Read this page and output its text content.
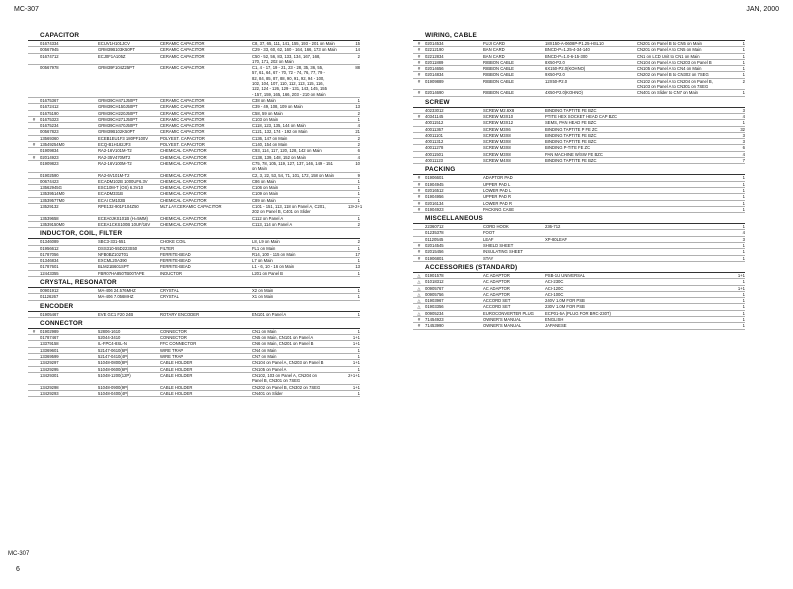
MC-307	JAN, 2000
CAPACITOR
01674334	ECUV1H101JCV	CERAMIC CAPACITOR	C8, 37, 65, 111, 141, 155, 193 - 201 on Main	15
00567945	GRM39B103K50PT	CERAMIC CAPACITOR	C29 - 33, 60, 62, 160 - 164, 166, 173 on Main	14
01674712	ECJ0F1A105Z	CERAMIC CAPACITOR	C50 - 52, 56, 83, 133, 134, 167, 168,
170, 171, 202 on Main
2
00567978	GRM39F104Z25PT	CERAMIC CAPACITOR	C1, 4 - 17, 19 - 21, 23 - 28, 35, 36, 55,
57, 61, 64, 67 - 70, 72 - 74, 76, 77, 79 -
82, 84, 85, 87, 88, 90, 91, 92, 94 - 100,
102, 104, 107, 110, 112, 113, 115, 116,
122, 124 - 126, 129 - 131, 143, 145, 155
- 157, 159, 165, 166, 203 - 210 on Main
88
01675367	GRM39CH471J50PT	CERAMIC CAPACITOR	C38 on Main	1
01672412	GRM39CH150J50PT	CERAMIC CAPACITOR	C39 - 49, 108, 109 on Main	13
01675190	GRM39CH220J50PT	CERAMIC CAPACITOR	C58, 59 on Main	2
#	01675323	GRM39CH271J50PT	CERAMIC CAPACITOR	C103 on Main	1
01675234	GRM39CH470J50PT	CERAMIC CAPACITOR	C118, 123, 135, 144 on Main	4
00567823	GRM39B102K50PT	CERAMIC CAPACITOR	C121, 132, 174 - 192 on Main	21
13569360	ECEB1EU1F3 180PF100V	POLYEST. CAPACITOR	C136, 147 on Main	2
#	13549254M0	ECQ-B1H182JF3	POLYEST. CAPACITOR	C140, 154 on Main	2
01909834	RA2-16V101M-T2	CHEMICAL CAPACITOR	C93, 114, 117, 120, 128, 142 on Main	6
#	02014923	RA2-35V470MT2	CHEMICAL CAPACITOR	C138, 139, 148, 152 on Main	4
01909823	RA2-16V100M-T2	CHEMICAL CAPACITOR	C75, 78, 105, 119, 127, 137, 146, 149 - 151
on Main
10
01902590	RA2-6V101M-T2	CHEMICAL CAPACITOR	C2, 3, 22, 53, 54, 71, 101, 172, 158 on Main	9
00674423	ECADM102B 1000UF6.3V	CHEMICAL CAPACITOR	C86 on Main	1
13562945G	ESC10M-T (OS) 6.3V10	CHEMICAL CAPACITOR	C106 on Main	1
13539514M0	ECADM331B	CHEMICAL CAPACITOR	C109 on Main	1
13539577M0	ECAI CM102B	CHEMICAL CAPACITOR	C89 on Main	1
13529132	RPE132-901F104Z50	MLT.LAY.CERAMIC CAPACITOR	C101 - 151, 113, 118 on Panel A, C201,
202 on Panel B, C401 on Slider
13+2+1
13539658	ECEA0JKS101B (H=5MM)	CHEMICAL CAPACITOR	C112 on Panel A	1
13539150M0	ECEA1CKS100B 10UF/16V	CHEMICAL CAPACITOR	C113, 114 on Panel A	2
INDUCTOR, COIL, FILTER
01346089	SBC3-331-551	CHOKE COIL	L8, L9 on Main	2
01956612	DSS310-55D223S50	FILTER	FL1 on Main	1
01787056	NFB0BZ102T01	FERRITE-BEAD	R14, 100 - 115 on Main	17
01346834	EXCML20A390	FERRITE-BEAD	L7 on Main	1
01787601	BLM21B601SPT	FERRITE-BEAD	L1 - 6, 10 - 16 on Main	13
12443355	FBR07HA850TB00TAPE	INDUCTOR	L201 on Panel B	1
CRYSTAL, RESONATOR
00901912	MA-406 24.576MHZ	CRYSTAL	X2 on Main	1
01126267	MA-406 7.056MHZ	CRYSTAL	X1 on Main	1
ENCODER
01905467	EVE GC1 F20 24B	ROTARY ENCODER	EN101 on Panel A	1
CONNECTOR
#	01902989	52806-1610	CONNECTOR	CN1 on Main	1
01787467	52044-3410	CONNECTOR	CN5 on Main, CN101 on Panel A	1+1
13379158	IL-FPC4-8SL-N	FFC CONNECTOR	CN6 on Main, CN201 on Panel B	1+1
13369601	52147-0610(6P)	WIRE TRAP	CN4 on Main	1
13369599	52147-0410(4P)	WIRE TRAP	CN7 on Main	1
13429297	51048-0800(8P)	CABLE HOLDER	CN104 on Panel A, CN203 on Panel B	1+1
13429295	51048-0600(6P)	CABLE HOLDER	CN105 on Panel A	1
13429301	51048-1200(12P)	CABLE HOLDER	CN102, 103 on Panel A, CN204 on
Panel B, CN301 on 7SEG
2+1+1
13429298	51048-0900(9P)	CABLE HOLDER	CN202 on Panel B, CN302 on 7SEG	1+1
13429293	51048-0400(4P)	CABLE HOLDER	CN401 on Slider	1
WIRING, CABLE
#	02014534	FUJI CARD	18X150-A-0608P-P1.25-HSL10	CN201 on Panel B to CN5 on Main	1
#	02212190	BAN CARD	BNCD-P=1.25-4-34-140	CN201 on Panel A to CN5 on Main	1
#	02212834	BAN CARD	BNCD-P=1.0-6-15-300	CN1 on LCD Unit to CN1 on Main	1
#	02011889	RIBBON CABLE	8X50-P2.0	CN104 on Panel A to CN203 on Panel B	1
#	02014656	RIBBON CABLE	6X150-P2.0(KOHNO)	CN105 on Panel A to CN4 on Main	1
#	02014834	RIBBON CABLE	9X50-P2.0	CN202 on Panel B to CN302 on 7SEG	1
#	01909889	RIBBON CABLE	12X50-P2.0	CN102 on Panel A to CN204 on Panel B,
CN103 on Panel A to CN301 on 7SEG
2
#	02014690	RIBBON CABLE	4X50-P2.0(KOHNO)	CN401 on Slider to CN7 on Main	1
SCREW
40233012	SCREW M2.6X8	BINDING TAPTITE FE BZC	3
#	40341145	SCREW M3X10	PTITE HEX SOCKET HEAD CAP BZC	4
40011512	SCREW M3X12	SEMS, PAN HEAD FE BZC	1
40011367	SCREW M3X6	BINDING TAPTITE P FE ZC	32
40011101	SCREW M3X8	BINDING TAPTITE FE BZC	3
40011312	SCREW M3X8	BINDING TAPTITE FE BZC	3
40011278	SCREW M3X8	BINDING P-TITE FE ZC	6
40011501	SCREW M3X8	PAN MACHINE W/SW FE BZC	4
40011123	SCREW M4X8	BINDING TAPTITE FE BZC	7
PACKING
#	01906601	ADAPTOR PAD	1
#	01904945	UPPER PAD L	1
#	02016512	LOWER PAD L	1
#	01904956	UPPER PAD R	1
#	02016134	LOWER PAD R	1
#	01904923	PACKING CASE	1
MISCELLANEOUS
22360712	CORD HOOK	236-712	1
01235378	FOOT	4
01120545	LEAF	XP-80LEAF	3
#	02014545	SHIELD SHEET	1
#	02015456	INSULATING SHEET	1
#	01906801	STAY	1
ACCESSORIES (STANDARD)
△	01901578	AC ADAPTOR	PSB-1U UNIVERSAL	1+1
△	01018312	AC ADAPTOR	ACI-230C	1
△	00905767	AC ADAPTOR	ACI-120C	1+1
△	00905756	AC ADAPTOR	ACI-100C	1
△	01903967	ACCORD SET	240V 1.0M FOR PSB	1
△	01903356	ACCORD SET	230V 1.0M FOR PSB	1
△	00905234	EUROCONVERTER PLUG	ECP01-5A (PLUG FOR BRC-230T)	1
#	71454923	OWNER'S MANUAL	ENGLISH	1
#	71453990	OWNER'S MANUAL	JAPANESE	1
MC-307
6
